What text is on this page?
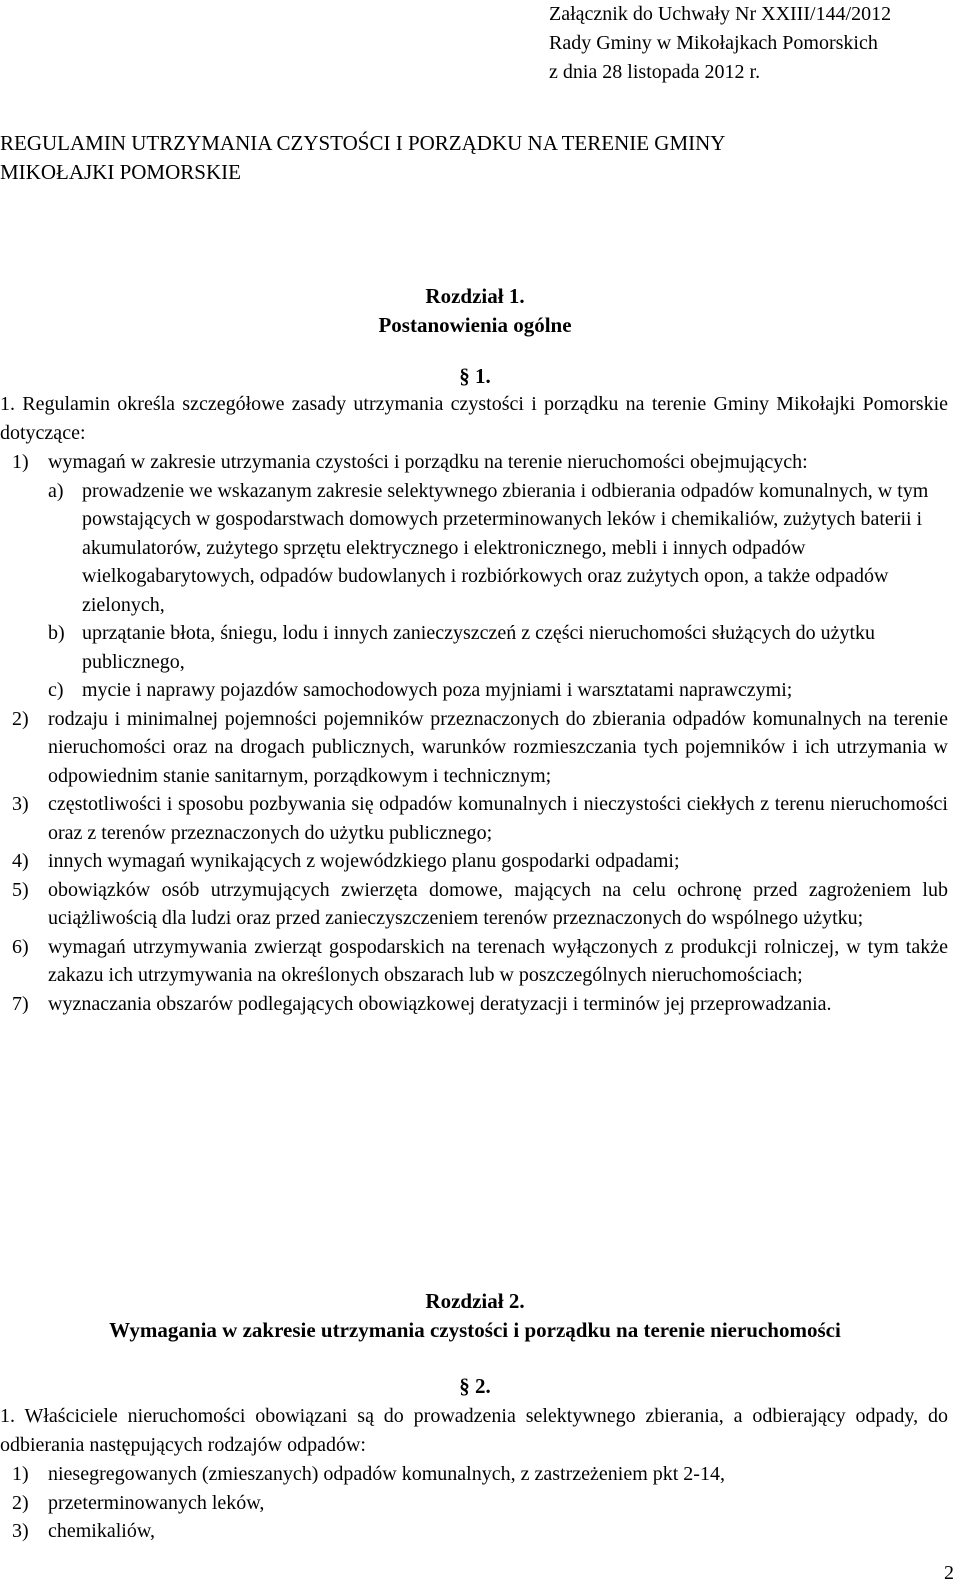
Załącznik do Uchwały Nr XXIII/144/2012
Rady Gminy w Mikołajkach Pomorskich
z dnia 28 listopada 2012 r.
REGULAMIN UTRZYMANIA CZYSTOŚCI I PORZĄDKU NA TERENIE GMINY
MIKOŁAJKI POMORSKIE
Rozdział 1.
Postanowienia ogólne
§ 1.
1. Regulamin określa szczegółowe zasady utrzymania czystości i porządku na terenie Gminy Mikołajki Pomorskie dotyczące:
1) wymagań w zakresie utrzymania czystości i porządku na terenie nieruchomości obejmujących:
a) prowadzenie we wskazanym zakresie selektywnego zbierania i odbierania odpadów komunalnych, w tym powstających w gospodarstwach domowych przeterminowanych leków i chemikaliów, zużytych baterii i akumulatorów, zużytego sprzętu elektrycznego i elektronicznego, mebli i innych odpadów wielkogabarytowych, odpadów budowlanych i rozbiórkowych oraz zużytych opon, a także odpadów zielonych,
b) uprzątanie błota, śniegu, lodu i innych zanieczyszczeń z części nieruchomości służących do użytku publicznego,
c) mycie i naprawy pojazdów samochodowych poza myjniami i warsztatami naprawczymi;
2) rodzaju i minimalnej pojemności pojemników przeznaczonych do zbierania odpadów komunalnych na terenie nieruchomości oraz na drogach publicznych, warunków rozmieszczania tych pojemników i ich utrzymania w odpowiednim stanie sanitarnym, porządkowym i technicznym;
3) częstotliwości i sposobu pozbywania się odpadów komunalnych i nieczystości ciekłych z terenu nieruchomości oraz z terenów przeznaczonych do użytku publicznego;
4) innych wymagań wynikających z wojewódzkiego planu gospodarki odpadami;
5) obowiązków osób utrzymujących zwierzęta domowe, mających na celu ochronę przed zagrożeniem lub uciążliwością dla ludzi oraz przed zanieczyszczeniem terenów przeznaczonych do wspólnego użytku;
6) wymagań utrzymywania zwierząt gospodarskich na terenach wyłączonych z produkcji rolniczej, w tym także zakazu ich utrzymywania na określonych obszarach lub w poszczególnych nieruchomościach;
7) wyznaczania obszarów podlegających obowiązkowej deratyzacji i terminów jej przeprowadzania.
Rozdział 2.
Wymagania w zakresie utrzymania czystości i porządku na terenie nieruchomości
§ 2.
1. Właściciele nieruchomości obowiązani są do prowadzenia selektywnego zbierania, a odbierający odpady, do odbierania następujących rodzajów odpadów:
1) niesegregowanych (zmieszanych) odpadów komunalnych, z zastrzeżeniem pkt 2-14,
2) przeterminowanych leków,
3) chemikaliów,
2
